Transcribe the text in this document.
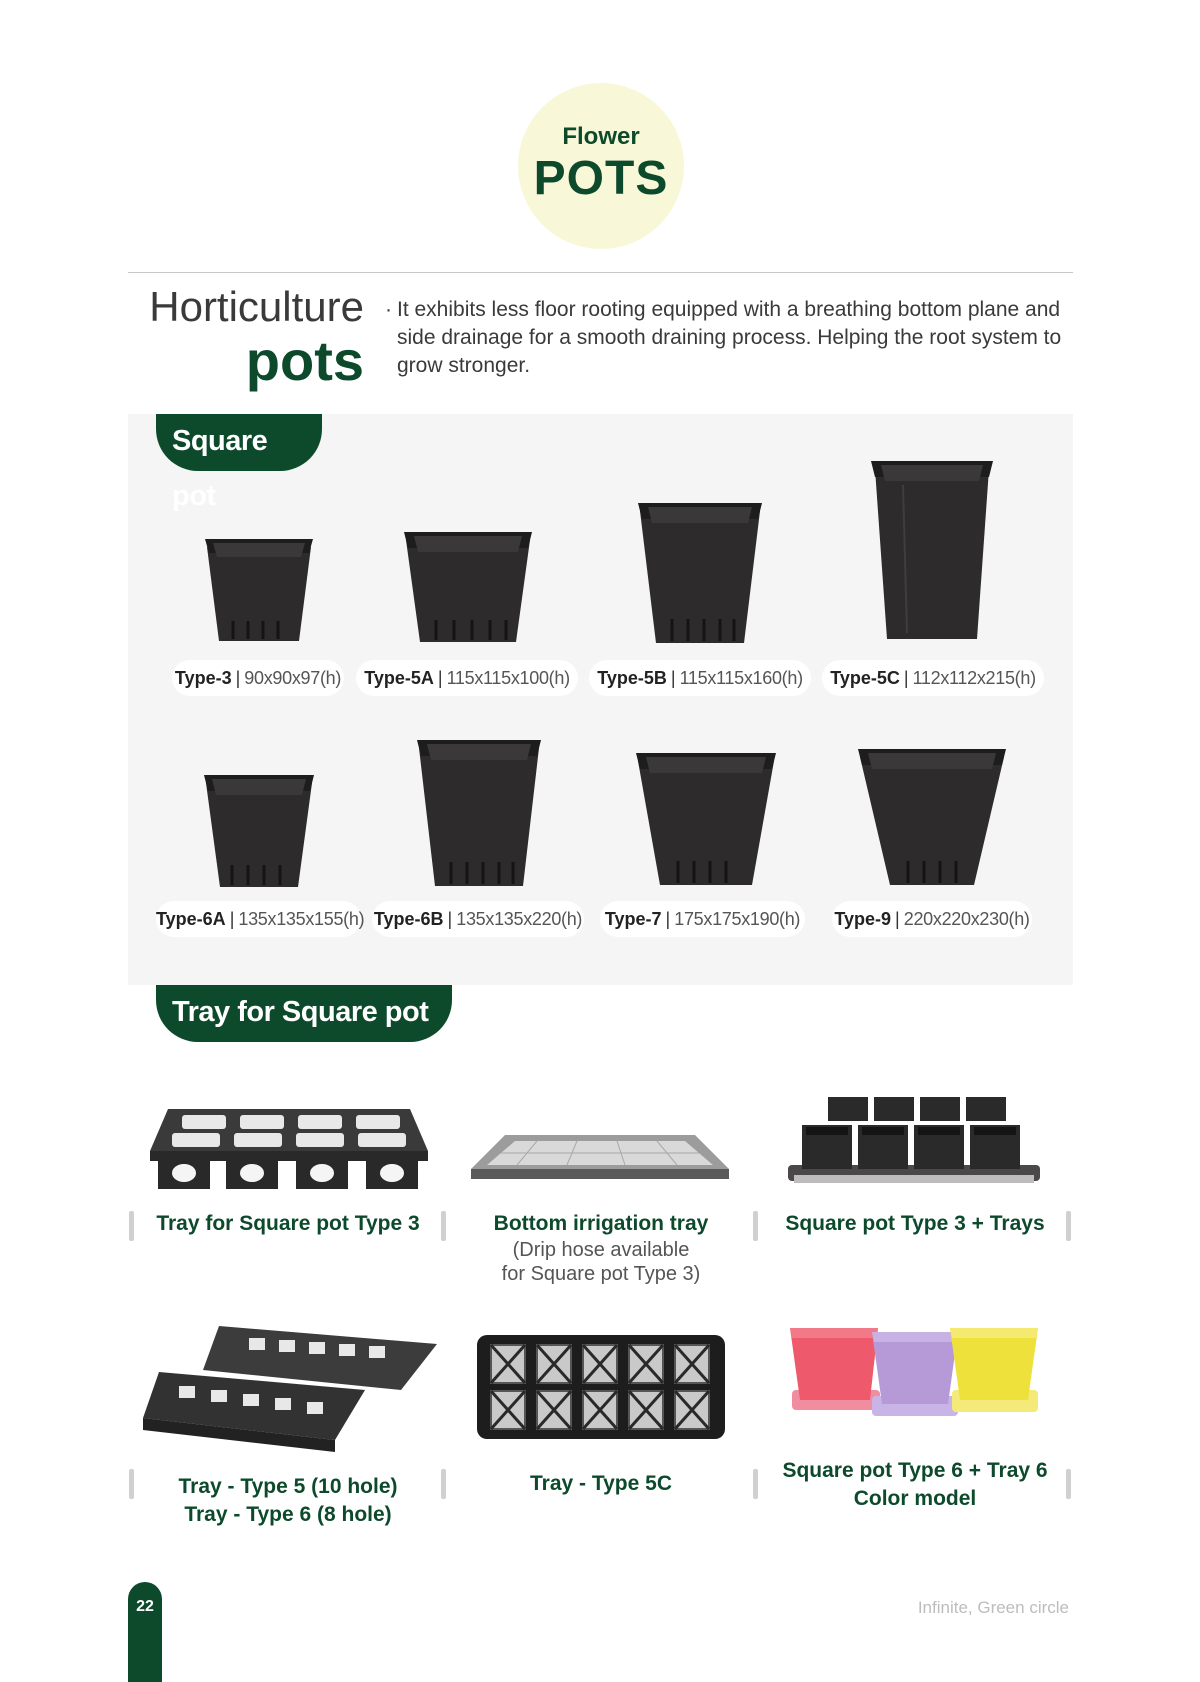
Flower
POTS
Horticulture
pots
· It exhibits less floor rooting equipped with a breathing bottom plane and side drainage for a smooth draining process. Helping the root system to grow stronger.
Square pot
Type-3 | 90x90x97(h)	Type-5A | 115x115x100(h)	Type-5B | 115x115x160(h)	Type-5C | 112x112x215(h)
Type-6A | 135x135x155(h) Type-6B | 135x135x220(h) Type-7 | 175x175x190(h) Type-9 | 220x220x230(h)
Tray for Square pot
Tray for Square pot Type 3	Bottom irrigation tray
(Drip hose available
for Square pot Type 3)
Square pot Type 3 + Trays
Tray - Type 5 (10 hole)
Tray - Type 6 (8 hole)
Tray - Type 5C
Square pot Type 6 + Tray 6
Color model
22	Infinite, Green circle
